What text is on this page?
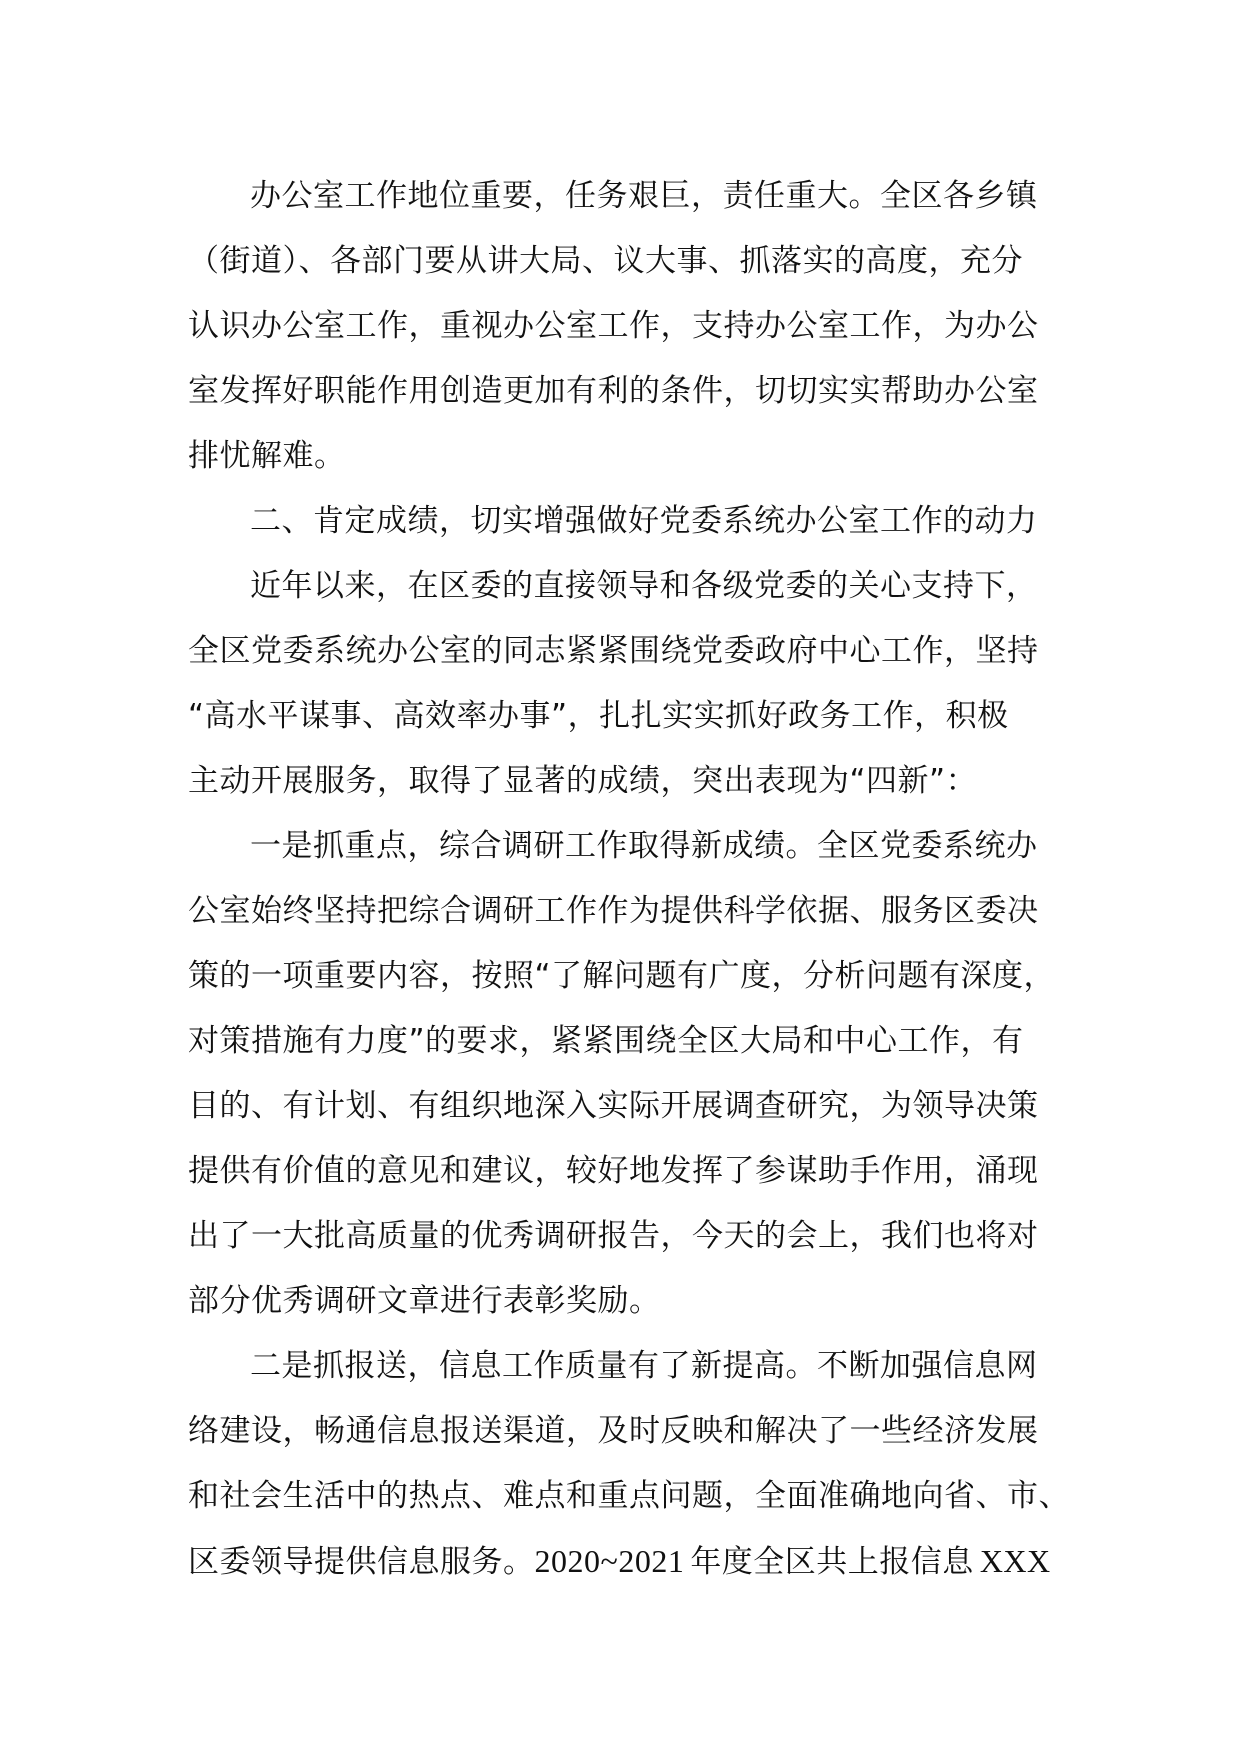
办公室工作地位重要，任务艰巨，责任重大。全区各乡镇
（街道）、各部门要从讲大局、议大事、抓落实的高度，充分
认识办公室工作，重视办公室工作，支持办公室工作，为办公
室发挥好职能作用创造更加有利的条件，切切实实帮助办公室
排忧解难。
二、肯定成绩，切实增强做好党委系统办公室工作的动力
近年以来，在区委的直接领导和各级党委的关心支持下，
全区党委系统办公室的同志紧紧围绕党委政府中心工作，坚持
“高水平谋事、高效率办事”，扎扎实实抓好政务工作，积极
主动开展服务，取得了显著的成绩，突出表现为“四新”：
一是抓重点，综合调研工作取得新成绩。全区党委系统办
公室始终坚持把综合调研工作作为提供科学依据、服务区委决
策的一项重要内容，按照“了解问题有广度，分析问题有深度，
对策措施有力度”的要求，紧紧围绕全区大局和中心工作，有
目的、有计划、有组织地深入实际开展调查研究，为领导决策
提供有价值的意见和建议，较好地发挥了参谋助手作用，涌现
出了一大批高质量的优秀调研报告，今天的会上，我们也将对
部分优秀调研文章进行表彰奖励。
二是抓报送，信息工作质量有了新提高。不断加强信息网
络建设，畅通信息报送渠道，及时反映和解决了一些经济发展
和社会生活中的热点、难点和重点问题，全面准确地向省、市、
区委领导提供信息服务。2020~2021 年度全区共上报信息 XXX
